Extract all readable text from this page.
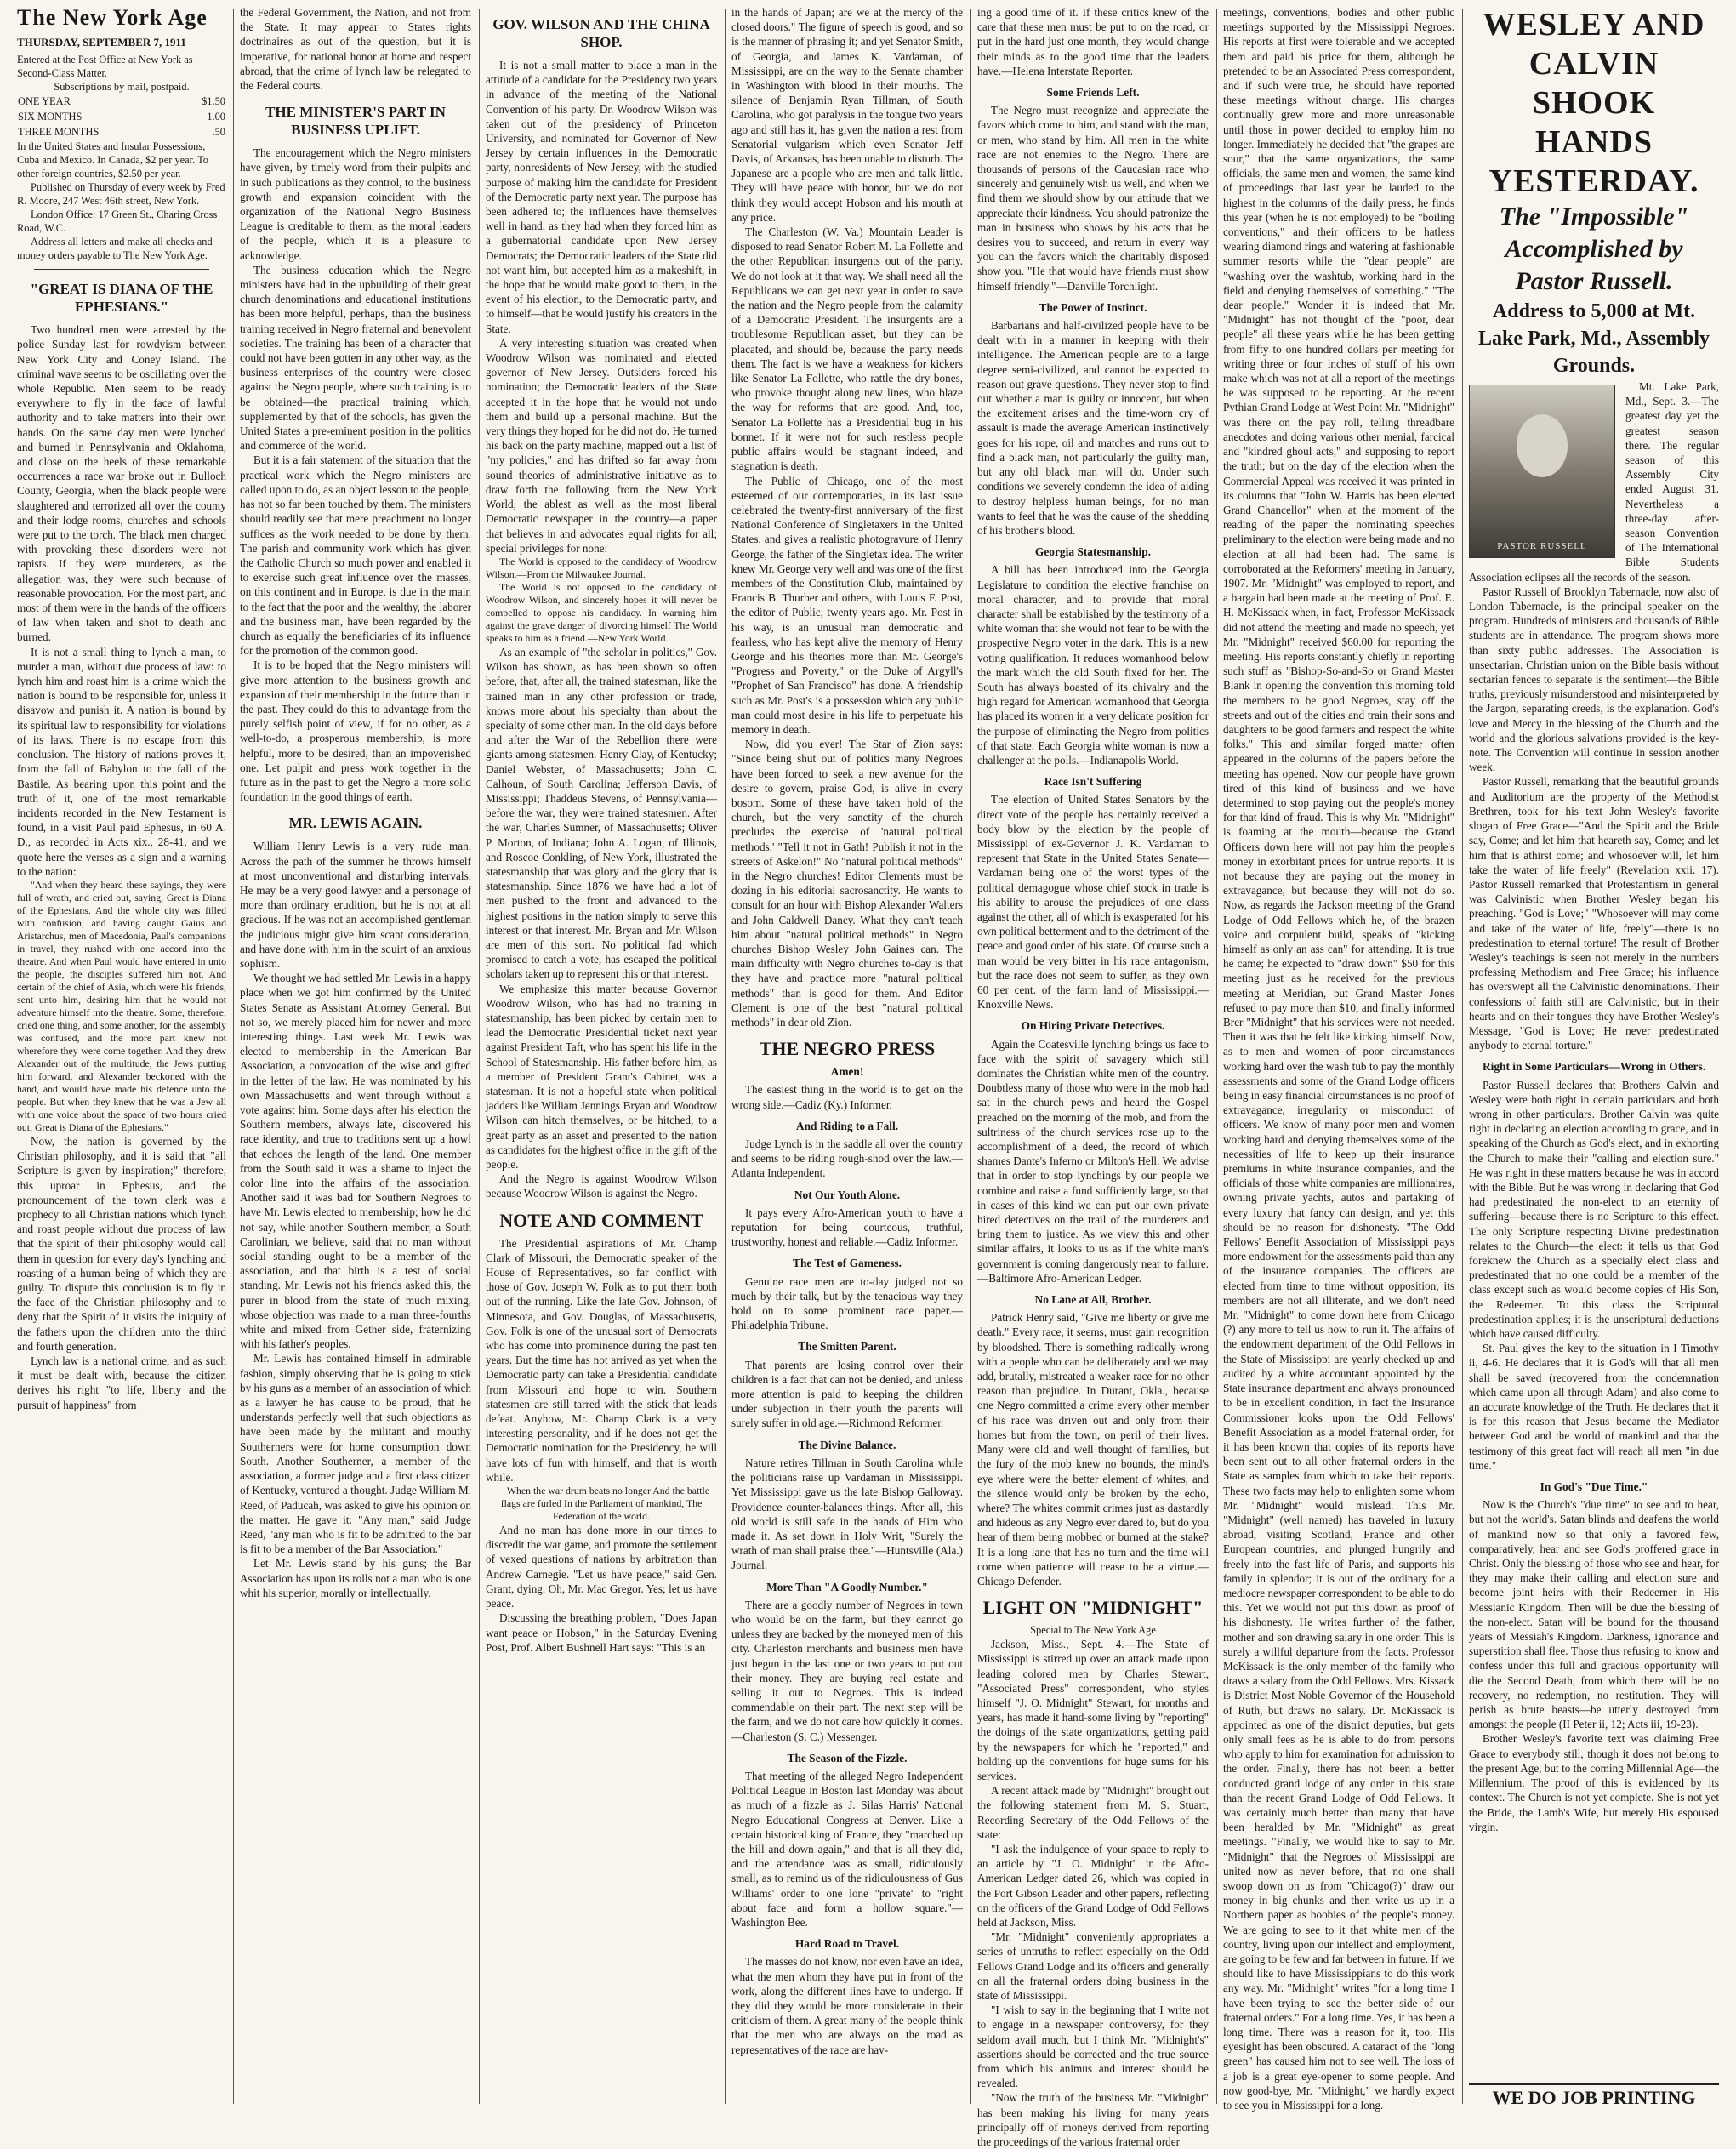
The New York Age
THURSDAY, SEPTEMBER 7, 1911

Entered at the Post Office at New York as Second-Class Matter.

Subscriptions by mail, postpaid.

ONE YEAR	$1.50
SIX MONTHS	1.00
THREE MONTHS	.50

In the United States and Insular Possessions, Cuba and Mexico. In Canada, $2 per year. To other foreign countries, $2.50 per year.

Published on Thursday of every week by Fred R. Moore, 247 West 46th street, New York.

London Office: 17 Green St., Charing Cross Road, W.C.

Address all letters and make all checks and money orders payable to The New York Age.

"GREAT IS DIANA OF THE EPHESIANS."

Two hundred men were arrested by the police Sunday last for rowdyism between New York City and Coney Island. The criminal wave seems to be oscillating over the whole Republic. Men seem to be ready everywhere to fly in the face of lawful authority and to take matters into their own hands. On the same day men were lynched and burned in Pennsylvania and Oklahoma, and close on the heels of these remarkable occurrences a race war broke out in Bulloch County, Georgia, when the black people were slaughtered and terrorized all over the county and their lodge rooms, churches and schools were put to the torch. The black men charged with provoking these disorders were not rapists. If they were murderers, as the allegation was, they were such because of reasonable provocation. For the most part, and most of them were in the hands of the officers of law when taken and shot to death and burned.

It is not a small thing to lynch a man, to murder a man, without due process of law: to lynch him and roast him is a crime which the nation is bound to be responsible for, unless it disavow and punish it. A nation is bound by its spiritual law to responsibility for violations of its laws. There is no escape from this conclusion. The history of nations proves it, from the fall of Babylon to the fall of the Bastile. As bearing upon this point and the truth of it, one of the most remarkable incidents recorded in the New Testament is found, in a visit Paul paid Ephesus, in 60 A. D., as recorded in Acts xix., 28-41, and we quote here the verses as a sign and a warning to the nation:

"And when they heard these sayings, they were full of wrath, and cried out, saying, Great is Diana of the Ephesians. And the whole city was filled with confusion; and having caught Gaius and Aristarchus, men of Macedonia, Paul's companions in travel, they rushed with one accord into the theatre. And when Paul would have entered in unto the people, the disciples suffered him not. And certain of the chief of Asia, which were his friends, sent unto him, desiring him that he would not adventure himself into the theatre. Some, therefore, cried one thing, and some another, for the assembly was confused, and the more part knew not wherefore they were come together. And they drew Alexander out of the multitude, the Jews putting him forward, and Alexander beckoned with the hand, and would have made his defence unto the people. But when they knew that he was a Jew all with one voice about the space of two hours cried out, Great is Diana of the Ephesians."

Now, the nation is governed by the Christian philosophy, and it is said that "all Scripture is given by inspiration;" therefore, this uproar in Ephesus, and the pronouncement of the town clerk was a prophecy to all Christian nations which lynch and roast people without due process of law that the spirit of their philosophy would call them in question for every day's lynching and roasting of a human being of which they are guilty. To dispute this conclusion is to fly in the face of the Christian philosophy and to deny that the Spirit of it visits the iniquity of the fathers upon the children unto the third and fourth generation.

Lynch law is a national crime, and as such it must be dealt with, because the citizen derives his right "to life, liberty and the pursuit of happiness" from

the Federal Government, the Nation, and not from the State. It may appear to States rights doctrinaires as out of the question, but it is imperative, for national honor at home and respect abroad, that the crime of lynch law be relegated to the Federal courts.

THE MINISTER'S PART IN BUSINESS UPLIFT.

The encouragement which the Negro ministers have given, by timely word from their pulpits and in such publications as they control, to the business growth and expansion coincident with the organization of the National Negro Business League is creditable to them, as the moral leaders of the people, which it is a pleasure to acknowledge.

The business education which the Negro ministers have had in the upbuilding of their great church denominations and educational institutions has been more helpful, perhaps, than the business training received in Negro fraternal and benevolent societies. The training has been of a character that could not have been gotten in any other way, as the business enterprises of the country were closed against the Negro people, where such training is to be obtained—the practical training which, supplemented by that of the schools, has given the United States a pre-eminent position in the politics and commerce of the world.

But it is a fair statement of the situation that the practical work which the Negro ministers are called upon to do, as an object lesson to the people, has not so far been touched by them. The ministers should readily see that mere preachment no longer suffices as the work needed to be done by them. The parish and community work which has given the Catholic Church so much power and enabled it to exercise such great influence over the masses, on this continent and in Europe, is due in the main to the fact that the poor and the wealthy, the laborer and the business man, have been regarded by the church as equally the beneficiaries of its influence for the promotion of the common good.

It is to be hoped that the Negro ministers will give more attention to the business growth and expansion of their membership in the future than in the past. They could do this to advantage from the purely selfish point of view, if for no other, as a well-to-do, a prosperous membership, is more helpful, more to be desired, than an impoverished one. Let pulpit and press work together in the future as in the past to get the Negro a more solid foundation in the good things of earth.

MR. LEWIS AGAIN.

William Henry Lewis is a very rude man. Across the path of the summer he throws himself at most unconventional and disturbing intervals. He may be a very good lawyer and a personage of more than ordinary erudition, but he is not at all gracious. If he was not an accomplished gentleman the judicious might give him scant consideration, and have done with him in the squirt of an anxious sophism.

We thought we had settled Mr. Lewis in a happy place when we got him confirmed by the United States Senate as Assistant Attorney General. But not so, we merely placed him for newer and more interesting things. Last week Mr. Lewis was elected to membership in the American Bar Association, a convocation of the wise and gifted in the letter of the law. He was nominated by his own Massachusetts and went through without a vote against him. Some days after his election the Southern members, always late, discovered his race identity, and true to traditions sent up a howl that echoes the length of the land. One member from the South said it was a shame to inject the color line into the affairs of the association. Another said it was bad for Southern Negroes to have Mr. Lewis elected to membership; how he did not say, while another Southern member, a South Carolinian, we believe, said that no man without social standing ought to be a member of the association, and that birth is a test of social standing. Mr. Lewis not his friends asked this, the purer in blood from the state of much mixing, whose objection was made to a man three-fourths white and mixed from Gether side, fraternizing with his father's peoples.

Mr. Lewis has contained himself in admirable fashion, simply observing that he is going to stick by his guns as a member of an association of which as a lawyer he has cause to be proud, that he understands perfectly well that such objections as have been made by the militant and mouthy Southerners were for home consumption down South. Another Southerner, a member of the association, a former judge and a first class citizen of Kentucky, ventured a thought. Judge William M. Reed, of Paducah, was asked to give his opinion on the matter. He gave it: "Any man," said Judge Reed, "any man who is fit to be admitted to the bar is fit to be a member of the Bar Association."

Let Mr. Lewis stand by his guns; the Bar Association has upon its rolls not a man who is one whit his superior, morally or intellectually.

GOV. WILSON AND THE CHINA SHOP.

It is not a small matter to place a man in the attitude of a candidate for the Presidency two years in advance of the meeting of the National Convention of his party. Dr. Woodrow Wilson was taken out of the presidency of Princeton University, and nominated for Governor of New Jersey by certain influences in the Democratic party, nonresidents of New Jersey, with the studied purpose of making him the candidate for President of the Democratic party next year. The purpose has been adhered to; the influences have themselves well in hand, as they had when they forced him as a gubernatorial candidate upon New Jersey Democrats; the Democratic leaders of the State did not want him, but accepted him as a makeshift, in the hope that he would make good to them, in the event of his election, to the Democratic party, and to himself—that he would justify his creators in the State.

A very interesting situation was created when Woodrow Wilson was nominated and elected governor of New Jersey. Outsiders forced his nomination; the Democratic leaders of the State accepted it in the hope that he would not undo them and build up a personal machine. But the very things they hoped for he did not do. He turned his back on the party machine, mapped out a list of "my policies," and has drifted so far away from sound theories of administrative initiative as to draw forth the following from the New York World, the ablest as well as the most liberal Democratic newspaper in the country—a paper that believes in and advocates equal rights for all; special privileges for none:

The World is opposed to the candidacy of Woodrow Wilson.—From the Milwaukee Journal.

The World is not opposed to the candidacy of Woodrow Wilson, and sincerely hopes it will never be compelled to oppose his candidacy. In warning him against the grave danger of divorcing himself The World speaks to him as a friend.—New York World.

As an example of "the scholar in politics," Gov. Wilson has shown, as has been shown so often before, that, after all, the trained statesman, like the trained man in any other profession or trade, knows more about his specialty than about the specialty of some other man. In the old days before and after the War of the Rebellion there were giants among statesmen. Henry Clay, of Kentucky; Daniel Webster, of Massachusetts; John C. Calhoun, of South Carolina; Jefferson Davis, of Mississippi; Thaddeus Stevens, of Pennsylvania—before the war, they were trained statesmen. After the war, Charles Sumner, of Massachusetts; Oliver P. Morton, of Indiana; John A. Logan, of Illinois, and Roscoe Conkling, of New York, illustrated the statesmanship that was glory and the glory that is statesmanship. Since 1876 we have had a lot of men pushed to the front and advanced to the highest positions in the nation simply to serve this interest or that interest. Mr. Bryan and Mr. Wilson are men of this sort. No political fad which promised to catch a vote, has escaped the political scholars taken up to represent this or that interest.

We emphasize this matter because Governor Woodrow Wilson, who has had no training in statesmanship, has been picked by certain men to lead the Democratic Presidential ticket next year against President Taft, who has spent his life in the School of Statesmanship. His father before him, as a member of President Grant's Cabinet, was a statesman. It is not a hopeful state when political jadders like William Jennings Bryan and Woodrow Wilson can hitch themselves, or be hitched, to a great party as an asset and presented to the nation as candidates for the highest office in the gift of the people.

And the Negro is against Woodrow Wilson because Woodrow Wilson is against the Negro.

NOTE AND COMMENT

The Presidential aspirations of Mr. Champ Clark of Missouri, the Democratic speaker of the House of Representatives, so far conflict with those of Gov. Joseph W. Folk as to put them both out of the running. Like the late Gov. Johnson, of Minnesota, and Gov. Douglas, of Massachusetts, Gov. Folk is one of the unusual sort of Democrats who has come into prominence during the past ten years. But the time has not arrived as yet when the Democratic party can take a Presidential candidate from Missouri and hope to win. Southern statesmen are still tarred with the stick that leads defeat. Anyhow, Mr. Champ Clark is a very interesting personality, and if he does not get the Democratic nomination for the Presidency, he will have lots of fun with himself, and that is worth while.

When the war drum beats no longer And the battle flags are furled In the Parliament of mankind, The Federation of the world.

And no man has done more in our times to discredit the war game, and promote the settlement of vexed questions of nations by arbitration than Andrew Carnegie. "Let us have peace," said Gen. Grant, dying. Oh, Mr. Mac Gregor. Yes; let us have peace.

Discussing the breathing problem, "Does Japan want peace or Hobson," in the Saturday Evening Post, Prof. Albert Bushnell Hart says: "This is an

in the hands of Japan; are we at the mercy of the closed doors." The figure of speech is good, and so is the manner of phrasing it; and yet Senator Smith, of Georgia, and James K. Vardaman, of Mississippi, are on the way to the Senate chamber in Washington with blood in their mouths. The silence of Benjamin Ryan Tillman, of South Carolina, who got paralysis in the tongue two years ago and still has it, has given the nation a rest from Senatorial vulgarism which even Senator Jeff Davis, of Arkansas, has been unable to disturb. The Japanese are a people who are men and talk little. They will have peace with honor, but we do not think they would accept Hobson and his mouth at any price.

The Charleston (W. Va.) Mountain Leader is disposed to read Senator Robert M. La Follette and the other Republican insurgents out of the party. We do not look at it that way. We shall need all the Republicans we can get next year in order to save the nation and the Negro people from the calamity of a Democratic President. The insurgents are a troublesome Republican asset, but they can be placated, and should be, because the party needs them. The fact is we have a weakness for kickers like Senator La Follette, who rattle the dry bones, who provoke thought along new lines, who blaze the way for reforms that are good. And, too, Senator La Follette has a Presidential bug in his bonnet. If it were not for such restless people public affairs would be stagnant indeed, and stagnation is death.

The Public of Chicago, one of the most esteemed of our contemporaries, in its last issue celebrated the twenty-first anniversary of the first National Conference of Singletaxers in the United States, and gives a realistic photogravure of Henry George, the father of the Singletax idea. The writer knew Mr. George very well and was one of the first members of the Constitution Club, maintained by Francis B. Thurber and others, with Louis F. Post, the editor of Public, twenty years ago. Mr. Post in his way, is an unusual man democratic and fearless, who has kept alive the memory of Henry George and his theories more than Mr. George's "Progress and Poverty," or the Duke of Argyll's "Prophet of San Francisco" has done. A friendship such as Mr. Post's is a possession which any public man could most desire in his life to perpetuate his memory in death.

Now, did you ever! The Star of Zion says: "Since being shut out of politics many Negroes have been forced to seek a new avenue for the desire to govern, praise God, is alive in every bosom. Some of these have taken hold of the church, but the very sanctity of the church precludes the exercise of 'natural political methods.' "Tell it not in Gath! Publish it not in the streets of Askelon!" No "natural political methods" in the Negro churches! Editor Clements must be dozing in his editorial sacrosanctity. He wants to consult for an hour with Bishop Alexander Walters and John Caldwell Dancy. What they can't teach him about "natural political methods" in Negro churches Bishop Wesley John Gaines can. The main difficulty with Negro churches to-day is that they have and practice more "natural political methods" than is good for them. And Editor Clement is one of the best "natural political methods" in dear old Zion.

THE NEGRO PRESS
Amen!

The easiest thing in the world is to get on the wrong side.—Cadiz (Ky.) Informer.

And Riding to a Fall.

Judge Lynch is in the saddle all over the country and seems to be riding rough-shod over the law.—Atlanta Independent.

Not Our Youth Alone.

It pays every Afro-American youth to have a reputation for being courteous, truthful, trustworthy, honest and reliable.—Cadiz Informer.

The Test of Gameness.

Genuine race men are to-day judged not so much by their talk, but by the tenacious way they hold on to some prominent race paper.—Philadelphia Tribune.

The Smitten Parent.

That parents are losing control over their children is a fact that can not be denied, and unless more attention is paid to keeping the children under subjection in their youth the parents will surely suffer in old age.—Richmond Reformer.

The Divine Balance.

Nature retires Tillman in South Carolina while the politicians raise up Vardaman in Mississippi. Yet Mississippi gave us the late Bishop Galloway. Providence counter-balances things. After all, this old world is still safe in the hands of Him who made it. As set down in Holy Writ, "Surely the wrath of man shall praise thee."—Huntsville (Ala.) Journal.

More Than "A Goodly Number."

There are a goodly number of Negroes in town who would be on the farm, but they cannot go unless they are backed by the moneyed men of this city. Charleston merchants and business men have just begun in the last one or two years to put out their money. They are buying real estate and selling it out to Negroes. This is indeed commendable on their part. The next step will be the farm, and we do not care how quickly it comes.—Charleston (S. C.) Messenger.

The Season of the Fizzle.

That meeting of the alleged Negro Independent Political League in Boston last Monday was about as much of a fizzle as J. Silas Harris' National Negro Educational Congress at Denver. Like a certain historical king of France, they "marched up the hill and down again," and that is all they did, and the attendance was as small, ridiculously small, as to remind us of the ridiculousness of Gus Williams' order to one lone "private" to "right about face and form a hollow square."—Washington Bee.

Hard Road to Travel.

The masses do not know, nor even have an idea, what the men whom they have put in front of the work, along the different lines have to undergo. If they did they would be more considerate in their criticism of them. A great many of the people think that the men who are always on the road as representatives of the race are hav-

ing a good time of it. If these critics knew of the care that these men must be put to on the road, or put in the hard just one month, they would change their minds as to the good time that the leaders have.—Helena Interstate Reporter.

Some Friends Left.

The Negro must recognize and appreciate the favors which come to him, and stand with the man, or men, who stand by him. All men in the white race are not enemies to the Negro. There are thousands of persons of the Caucasian race who sincerely and genuinely wish us well, and when we find them we should show by our attitude that we appreciate their kindness. You should patronize the man in business who shows by his acts that he desires you to succeed, and return in every way you can the favors which the charitably disposed show you. "He that would have friends must show himself friendly."—Danville Torchlight.

The Power of Instinct.

Barbarians and half-civilized people have to be dealt with in a manner in keeping with their intelligence. The American people are to a large degree semi-civilized, and cannot be expected to reason out grave questions. They never stop to find out whether a man is guilty or innocent, but when the excitement arises and the time-worn cry of assault is made the average American instinctively goes for his rope, oil and matches and runs out to find a black man, not particularly the guilty man, but any old black man will do. Under such conditions we severely condemn the idea of aiding to destroy helpless human beings, for no man wants to feel that he was the cause of the shedding of his brother's blood.

Georgia Statesmanship.

A bill has been introduced into the Georgia Legislature to condition the elective franchise on moral character, and to provide that moral character shall be established by the testimony of a white woman that she would not fear to be with the prospective Negro voter in the dark. This is a new voting qualification. It reduces womanhood below the mark which the old South fixed for her. The South has always boasted of its chivalry and the high regard for American womanhood that Georgia has placed its women in a very delicate position for the purpose of eliminating the Negro from politics of that state. Each Georgia white woman is now a challenger at the polls.—Indianapolis World.

Race Isn't Suffering

The election of United States Senators by the direct vote of the people has certainly received a body blow by the election by the people of Mississippi of ex-Governor J. K. Vardaman to represent that State in the United States Senate—Vardaman being one of the worst types of the political demagogue whose chief stock in trade is his ability to arouse the prejudices of one class against the other, all of which is exasperated for his own political betterment and to the detriment of the peace and good order of his state. Of course such a man would be very bitter in his race antagonism, but the race does not seem to suffer, as they own 60 per cent. of the farm land of Mississippi.—Knoxville News.

On Hiring Private Detectives.

Again the Coatesville lynching brings us face to face with the spirit of savagery which still dominates the Christian white men of the country. Doubtless many of those who were in the mob had sat in the church pews and heard the Gospel preached on the morning of the mob, and from the sultriness of the church services rose up to the accomplishment of a deed, the record of which shames Dante's Inferno or Milton's Hell. We advise that in order to stop lynchings by our people we combine and raise a fund sufficiently large, so that in cases of this kind we can put our own private hired detectives on the trail of the murderers and bring them to justice. As we view this and other similar affairs, it looks to us as if the white man's government is coming dangerously near to failure.—Baltimore Afro-American Ledger.

No Lane at All, Brother.

Patrick Henry said, "Give me liberty or give me death." Every race, it seems, must gain recognition by bloodshed. There is something radically wrong with a people who can be deliberately and we may add, brutally, mistreated a weaker race for no other reason than prejudice. In Durant, Okla., because one Negro committed a crime every other member of his race was driven out and only from their homes but from the town, on peril of their lives. Many were old and well thought of families, but the fury of the mob knew no bounds, the mind's eye where were the better element of whites, and the silence would only be broken by the echo, where? The whites commit crimes just as dastardly and hideous as any Negro ever dared to, but do you hear of them being mobbed or burned at the stake? It is a long lane that has no turn and the time will come when patience will cease to be a virtue.—Chicago Defender.

LIGHT ON "MIDNIGHT"

Special to The New York Age

Jackson, Miss., Sept. 4.—The State of Mississippi is stirred up over an attack made upon leading colored men by Charles Stewart, "Associated Press" correspondent, who styles himself "J. O. Midnight" Stewart, for months and years, has made it hand-some living by "reporting" the doings of the state organizations, getting paid by the newspapers for which he "reported," and holding up the conventions for huge sums for his services.

A recent attack made by "Midnight" brought out the following statement from M. S. Stuart, Recording Secretary of the Odd Fellows of the state:

"I ask the indulgence of your space to reply to an article by "J. O. Midnight" in the Afro-American Ledger dated 26, which was copied in the Port Gibson Leader and other papers, reflecting on the officers of the Grand Lodge of Odd Fellows held at Jackson, Miss.

"Mr. "Midnight" conveniently appropriates a series of untruths to reflect especially on the Odd Fellows Grand Lodge and its officers and generally on all the fraternal orders doing business in the state of Mississippi.

"I wish to say in the beginning that I write not to engage in a newspaper controversy, for they seldom avail much, but I think Mr. "Midnight's" assertions should be corrected and the true source from which his animus and interest should be revealed.

"Now the truth of the business Mr. "Midnight" has been making his living for many years principally off of moneys derived from reporting the proceedings of the various fraternal order

meetings, conventions, bodies and other public meetings supported by the Mississippi Negroes. His reports at first were tolerable and we accepted them and paid his price for them, although he pretended to be an Associated Press correspondent, and if such were true, he should have reported these meetings without charge. His charges continually grew more and more unreasonable until those in power decided to employ him no longer. Immediately he decided that "the grapes are sour," that the same organizations, the same officials, the same men and women, the same kind of proceedings that last year he lauded to the highest in the columns of the daily press, he finds this year (when he is not employed) to be "boiling conventions," and their officers to be hatless wearing diamond rings and watering at fashionable summer resorts while the "dear people" are "washing over the washtub, working hard in the field and denying themselves of something." "The dear people." Wonder it is indeed that Mr. "Midnight" has not thought of the "poor, dear people" all these years while he has been getting from fifty to one hundred dollars per meeting for writing three or four inches of stuff of his own make which was not at all a report of the meetings he was supposed to be reporting. At the recent Pythian Grand Lodge at West Point Mr. "Midnight" was there on the pay roll, telling threadbare anecdotes and doing various other menial, farcical and "kindred ghoul acts," and supposing to report the truth; but on the day of the election when the Commercial Appeal was received it was printed in its columns that "John W. Harris has been elected Grand Chancellor" when at the moment of the reading of the paper the nominating speeches preliminary to the election were being made and no election at all had been had. The same is corroborated at the Reformers' meeting in January, 1907. Mr. "Midnight" was employed to report, and a bargain had been made at the meeting of Prof. E. H. McKissack when, in fact, Professor McKissack did not attend the meeting and made no speech, yet Mr. "Midnight" received $60.00 for reporting the meeting. His reports constantly chiefly in reporting such stuff as "Bishop-So-and-So or Grand Master Blank in opening the convention this morning told the members to be good Negroes, stay off the streets and out of the cities and train their sons and daughters to be good farmers and respect the white folks." This and similar forged matter often appeared in the columns of the papers before the meeting has opened. Now our people have grown tired of this kind of business and we have determined to stop paying out the people's money for that kind of fraud. This is why Mr. "Midnight" is foaming at the mouth—because the Grand Officers down here will not pay him the people's money in exorbitant prices for untrue reports. It is not because they are paying out the money in extravagance, but because they will not do so. Now, as regards the Jackson meeting of the Grand Lodge of Odd Fellows which he, of the brazen voice and corpulent build, speaks of "kicking himself as only an ass can" for attending. It is true he came; he expected to "draw down" $50 for this meeting just as he received for the previous meeting at Meridian, but Grand Master Jones refused to pay more than $10, and finally informed Brer "Midnight" that his services were not needed. Then it was that he felt like kicking himself. Now, as to men and women of poor circumstances working hard over the wash tub to pay the monthly assessments and some of the Grand Lodge officers being in easy financial circumstances is no proof of extravagance, irregularity or misconduct of officers. We know of many poor men and women working hard and denying themselves some of the necessities of life to keep up their insurance premiums in white insurance companies, and the officials of those white companies are millionaires, owning private yachts, autos and partaking of every luxury that fancy can design, and yet this should be no reason for dishonesty. "The Odd Fellows' Benefit Association of Mississippi pays more endowment for the assessments paid than any of the insurance companies. The officers are elected from time to time without opposition; its members are not all illiterate, and we don't need Mr. "Midnight" to come down here from Chicago (?) any more to tell us how to run it. The affairs of the endowment department of the Odd Fellows in the State of Mississippi are yearly checked up and audited by a white accountant appointed by the State insurance department and always pronounced to be in excellent condition, in fact the Insurance Commissioner looks upon the Odd Fellows' Benefit Association as a model fraternal order, for it has been known that copies of its reports have been sent out to all other fraternal orders in the State as samples from which to take their reports. These two facts may help to enlighten some whom Mr. "Midnight" would mislead. This Mr. "Midnight" (well named) has traveled in luxury abroad, visiting Scotland, France and other European countries, and plunged hungrily and freely into the fast life of Paris, and supports his family in splendor; it is out of the ordinary for a mediocre newspaper correspondent to be able to do this. Yet we would not put this down as proof of his dishonesty. He writes further of the father, mother and son drawing salary in one order. This is surely a willful departure from the facts. Professor McKissack is the only member of the family who draws a salary from the Odd Fellows. Mrs. Kissack is District Most Noble Governor of the Household of Ruth, but draws no salary. Dr. McKissack is appointed as one of the district deputies, but gets only small fees as he is able to do from persons who apply to him for examination for admission to the order. Finally, there has not been a better conducted grand lodge of any order in this state than the recent Grand Lodge of Odd Fellows. It was certainly much better than many that have been heralded by Mr. "Midnight" as great meetings. "Finally, we would like to say to Mr. "Midnight" that the Negroes of Mississippi are united now as never before, that no one shall swoop down on us from "Chicago(?)" draw our money in big chunks and then write us up in a Northern paper as boobies of the people's money. We are going to see to it that white men of the country, living upon our intellect and employment, are going to be few and far between in future. If we should like to have Mississippians to do this work any way. Mr. "Midnight" writes "for a long time I have been trying to see the better side of our fraternal orders." For a long time. Yes, it has been a long time. There was a reason for it, too. His eyesight has been obscured. A cataract of the "long green" has caused him not to see well. The loss of a job is a great eye-opener to some people. And now good-bye, Mr. "Midnight," we hardly expect to see you in Mississippi for a long.

WESLEY AND CALVIN SHOOK
HANDS YESTERDAY.
The "Impossible" Accomplished by Pastor Russell.
Address to 5,000 at Mt. Lake Park, Md., Assembly Grounds.
PASTOR RUSSELL

Mt. Lake Park, Md., Sept. 3.—The greatest day yet the greatest season there. The regular season of this Assembly City ended August 31. Nevertheless a three-day after-season Convention of The International Bible Students Association eclipses all the records of the season.

Pastor Russell of Brooklyn Tabernacle, now also of London Tabernacle, is the principal speaker on the program. Hundreds of ministers and thousands of Bible students are in attendance. The program shows more than sixty public addresses. The Association is unsectarian. Christian union on the Bible basis without sectarian fences to separate is the sentiment—the Bible truths, previously misunderstood and misinterpreted by the Jargon, separating creeds, is the explanation. God's love and Mercy in the blessing of the Church and the world and the glorious salvations provided is the key-note. The Convention will continue in session another week.

Pastor Russell, remarking that the beautiful grounds and Auditorium are the property of the Methodist Brethren, took for his text John Wesley's favorite slogan of Free Grace—"And the Spirit and the Bride say, Come; and let him that heareth say, Come; and let him that is athirst come; and whosoever will, let him take the water of life freely" (Revelation xxii. 17). Pastor Russell remarked that Protestantism in general was Calvinistic when Brother Wesley began his preaching. "God is Love;" "Whosoever will may come and take of the water of life, freely"—there is no predestination to eternal torture! The result of Brother Wesley's teachings is seen not merely in the numbers professing Methodism and Free Grace; his influence has overswept all the Calvinistic denominations. Their confessions of faith still are Calvinistic, but in their hearts and on their tongues they have Brother Wesley's Message, "God is Love; He never predestinated anybody to eternal torture."

Right in Some Particulars—Wrong in Others.

Pastor Russell declares that Brothers Calvin and Wesley were both right in certain particulars and both wrong in other particulars. Brother Calvin was quite right in declaring an election according to grace, and in speaking of the Church as God's elect, and in exhorting the Church to make their "calling and election sure." He was right in these matters because he was in accord with the Bible. But he was wrong in declaring that God had predestinated the non-elect to an eternity of suffering—because there is no Scripture to this effect. The only Scripture respecting Divine predestination relates to the Church—the elect: it tells us that God foreknew the Church as a specially elect class and predestinated that no one could be a member of the class except such as would become copies of His Son, the Redeemer. To this class the Scriptural predestination applies; it is the unscriptural deductions which have caused difficulty.

St. Paul gives the key to the situation in I Timothy ii, 4-6. He declares that it is God's will that all men shall be saved (recovered from the condemnation which came upon all through Adam) and also come to an accurate knowledge of the Truth. He declares that it is for this reason that Jesus became the Mediator between God and the world of mankind and that the testimony of this great fact will reach all men "in due time."

In God's "Due Time."

Now is the Church's "due time" to see and to hear, but not the world's. Satan blinds and deafens the world of mankind now so that only a favored few, comparatively, hear and see God's proffered grace in Christ. Only the blessing of those who see and hear, for they may make their calling and election sure and become joint heirs with their Redeemer in His Messianic Kingdom. Then will be due the blessing of the non-elect. Satan will be bound for the thousand years of Messiah's Kingdom. Darkness, ignorance and superstition shall flee. Those thus refusing to know and confess under this full and gracious opportunity will die the Second Death, from which there will be no recovery, no redemption, no restitution. They will perish as brute beasts—be utterly destroyed from amongst the people (II Peter ii, 12; Acts iii, 19-23).

Brother Wesley's favorite text was claiming Free Grace to everybody still, though it does not belong to the present Age, but to the coming Millennial Age—the Millennium. The proof of this is evidenced by its context. The Church is not yet complete. She is not yet the Bride, the Lamb's Wife, but merely His espoused virgin.

WE DO JOB PRINTING
